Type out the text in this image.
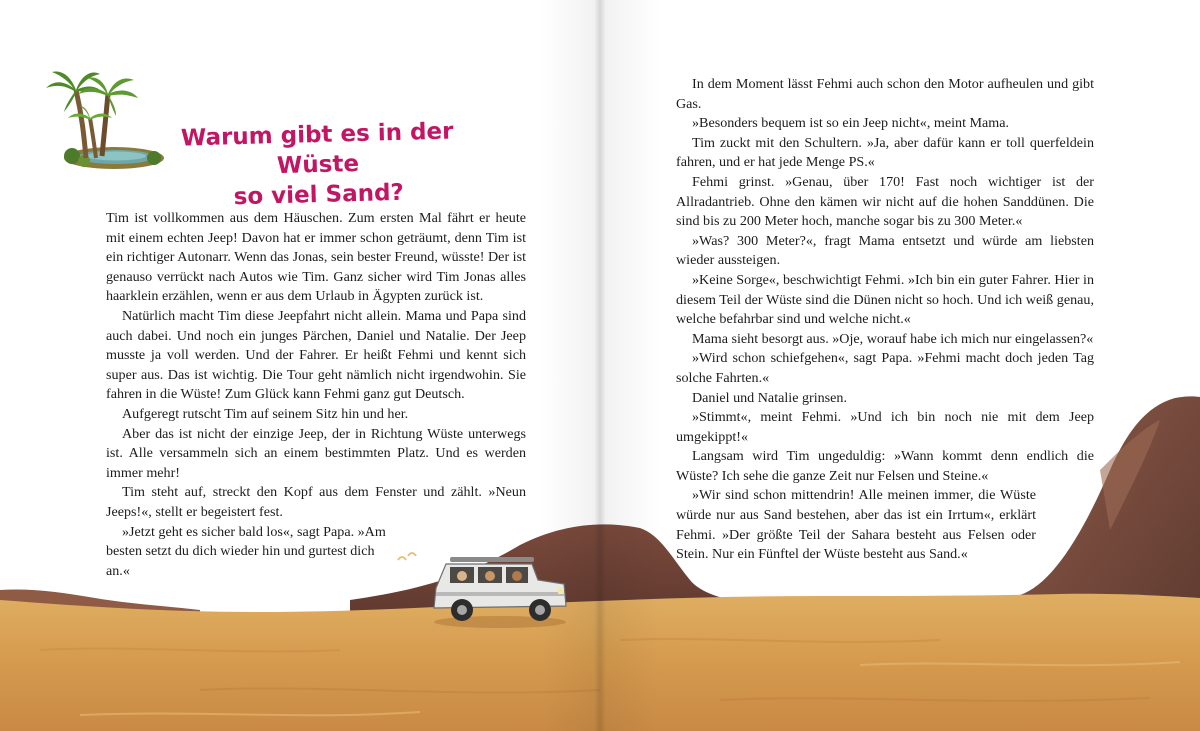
Warum gibt es in der Wüste
so viel Sand?

Tim ist vollkommen aus dem Häuschen. Zum ersten Mal fährt er heute mit einem echten Jeep! Davon hat er immer schon geträumt, denn Tim ist ein richtiger Autonarr. Wenn das Jonas, sein bester Freund, wüsste! Der ist genauso verrückt nach Autos wie Tim. Ganz sicher wird Tim Jonas alles haarklein erzählen, wenn er aus dem Urlaub in Ägypten zurück ist.

Natürlich macht Tim diese Jeepfahrt nicht allein. Mama und Papa sind auch dabei. Und noch ein junges Pärchen, Daniel und Natalie. Der Jeep musste ja voll werden. Und der Fahrer. Er heißt Fehmi und kennt sich super aus. Das ist wichtig. Die Tour geht nämlich nicht irgendwohin. Sie fahren in die Wüste! Zum Glück kann Fehmi ganz gut Deutsch.

Aufgeregt rutscht Tim auf seinem Sitz hin und her.

Aber das ist nicht der einzige Jeep, der in Richtung Wüste unterwegs ist. Alle versammeln sich an einem bestimmten Platz. Und es werden immer mehr!

Tim steht auf, streckt den Kopf aus dem Fenster und zählt. »Neun Jeeps!«, stellt er begeistert fest.

»Jetzt geht es sicher bald los«, sagt Papa. »Am besten setzt du dich wieder hin und gurtest dich an.«

In dem Moment lässt Fehmi auch schon den Motor aufheulen und gibt Gas.

»Besonders bequem ist so ein Jeep nicht«, meint Mama.

Tim zuckt mit den Schultern. »Ja, aber dafür kann er toll querfeldein fahren, und er hat jede Menge PS.«

Fehmi grinst. »Genau, über 170! Fast noch wichtiger ist der Allradantrieb. Ohne den kämen wir nicht auf die hohen Sanddünen. Die sind bis zu 200 Meter hoch, manche sogar bis zu 300 Meter.«

»Was? 300 Meter?«, fragt Mama entsetzt und würde am liebsten wieder aussteigen.

»Keine Sorge«, beschwichtigt Fehmi. »Ich bin ein guter Fahrer. Hier in diesem Teil der Wüste sind die Dünen nicht so hoch. Und ich weiß genau, welche befahrbar sind und welche nicht.«

Mama sieht besorgt aus. »Oje, worauf habe ich mich nur eingelassen?«

»Wird schon schiefgehen«, sagt Papa. »Fehmi macht doch jeden Tag solche Fahrten.«

Daniel und Natalie grinsen.

»Stimmt«, meint Fehmi. »Und ich bin noch nie mit dem Jeep umgekippt!«

Langsam wird Tim ungeduldig: »Wann kommt denn endlich die Wüste? Ich sehe die ganze Zeit nur Felsen und Steine.«

»Wir sind schon mittendrin! Alle meinen immer, die Wüste würde nur aus Sand bestehen, aber das ist ein Irrtum«, erklärt Fehmi. »Der größte Teil der Sahara besteht aus Felsen oder Stein. Nur ein Fünftel der Wüste besteht aus Sand.«
